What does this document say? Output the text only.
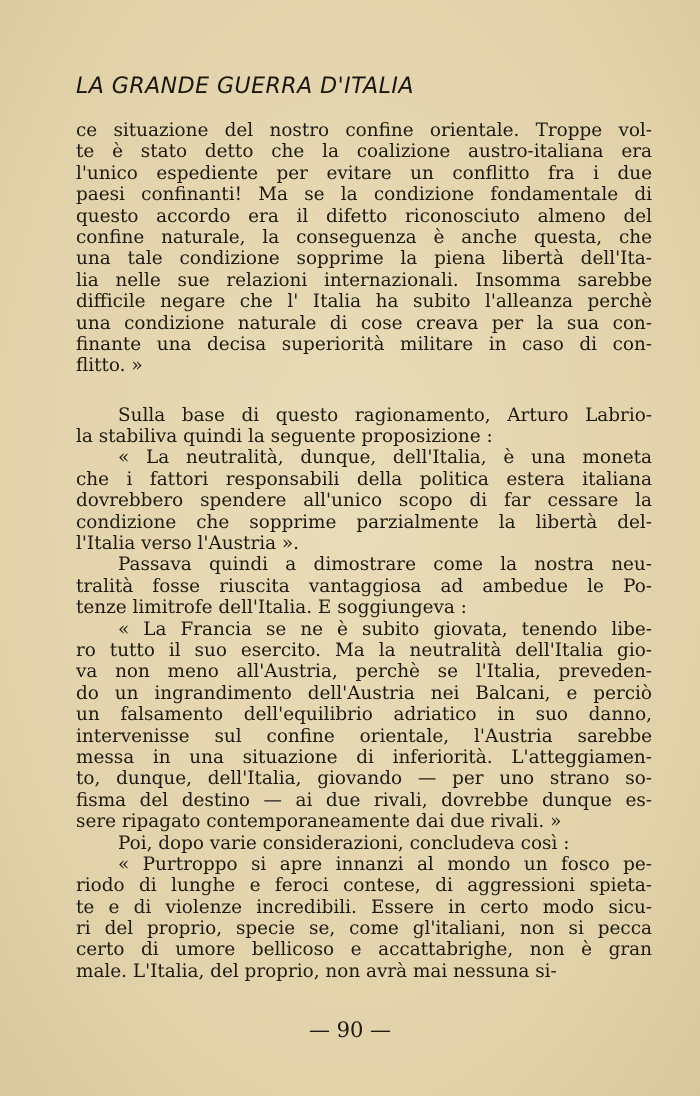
LA GRANDE GUERRA D'ITALIA
ce situazione del nostro confine orientale. Troppe vol-
te è stato detto che la coalizione austro-italiana era
l'unico espediente per evitare un conflitto fra i due
paesi confinanti! Ma se la condizione fondamentale di
questo accordo era il difetto riconosciuto almeno del
confine naturale, la conseguenza è anche questa, che
una tale condizione sopprime la piena libertà dell'Ita-
lia nelle sue relazioni internazionali. Insomma sarebbe
difficile negare che l' Italia ha subito l'alleanza perchè
una condizione naturale di cose creava per la sua con-
finante una decisa superiorità militare in caso di con-
flitto. »
Sulla base di questo ragionamento, Arturo Labrio-
la stabiliva quindi la seguente proposizione :
« La neutralità, dunque, dell'Italia, è una moneta
che i fattori responsabili della politica estera italiana
dovrebbero spendere all'unico scopo di far cessare la
condizione che sopprime parzialmente la libertà del-
l'Italia verso l'Austria ».
Passava quindi a dimostrare come la nostra neu-
tralità fosse riuscita vantaggiosa ad ambedue le Po-
tenze limitrofe dell'Italia. E soggiungeva :
« La Francia se ne è subito giovata, tenendo libe-
ro tutto il suo esercito. Ma la neutralità dell'Italia gio-
va non meno all'Austria, perchè se l'Italia, preveden-
do un ingrandimento dell'Austria nei Balcani, e perciò
un falsamento dell'equilibrio adriatico in suo danno,
intervenisse sul confine orientale, l'Austria sarebbe
messa in una situazione di inferiorità. L'atteggiamen-
to, dunque, dell'Italia, giovando — per uno strano so-
fisma del destino — ai due rivali, dovrebbe dunque es-
sere ripagato contemporaneamente dai due rivali. »
Poi, dopo varie considerazioni, concludeva così :
« Purtroppo si apre innanzi al mondo un fosco pe-
riodo di lunghe e feroci contese, di aggressioni spieta-
te e di violenze incredibili. Essere in certo modo sicu-
ri del proprio, specie se, come gl'italiani, non si pecca
certo di umore bellicoso e accattabrighe, non è gran
male. L'Italia, del proprio, non avrà mai nessuna si-
— 90 —
